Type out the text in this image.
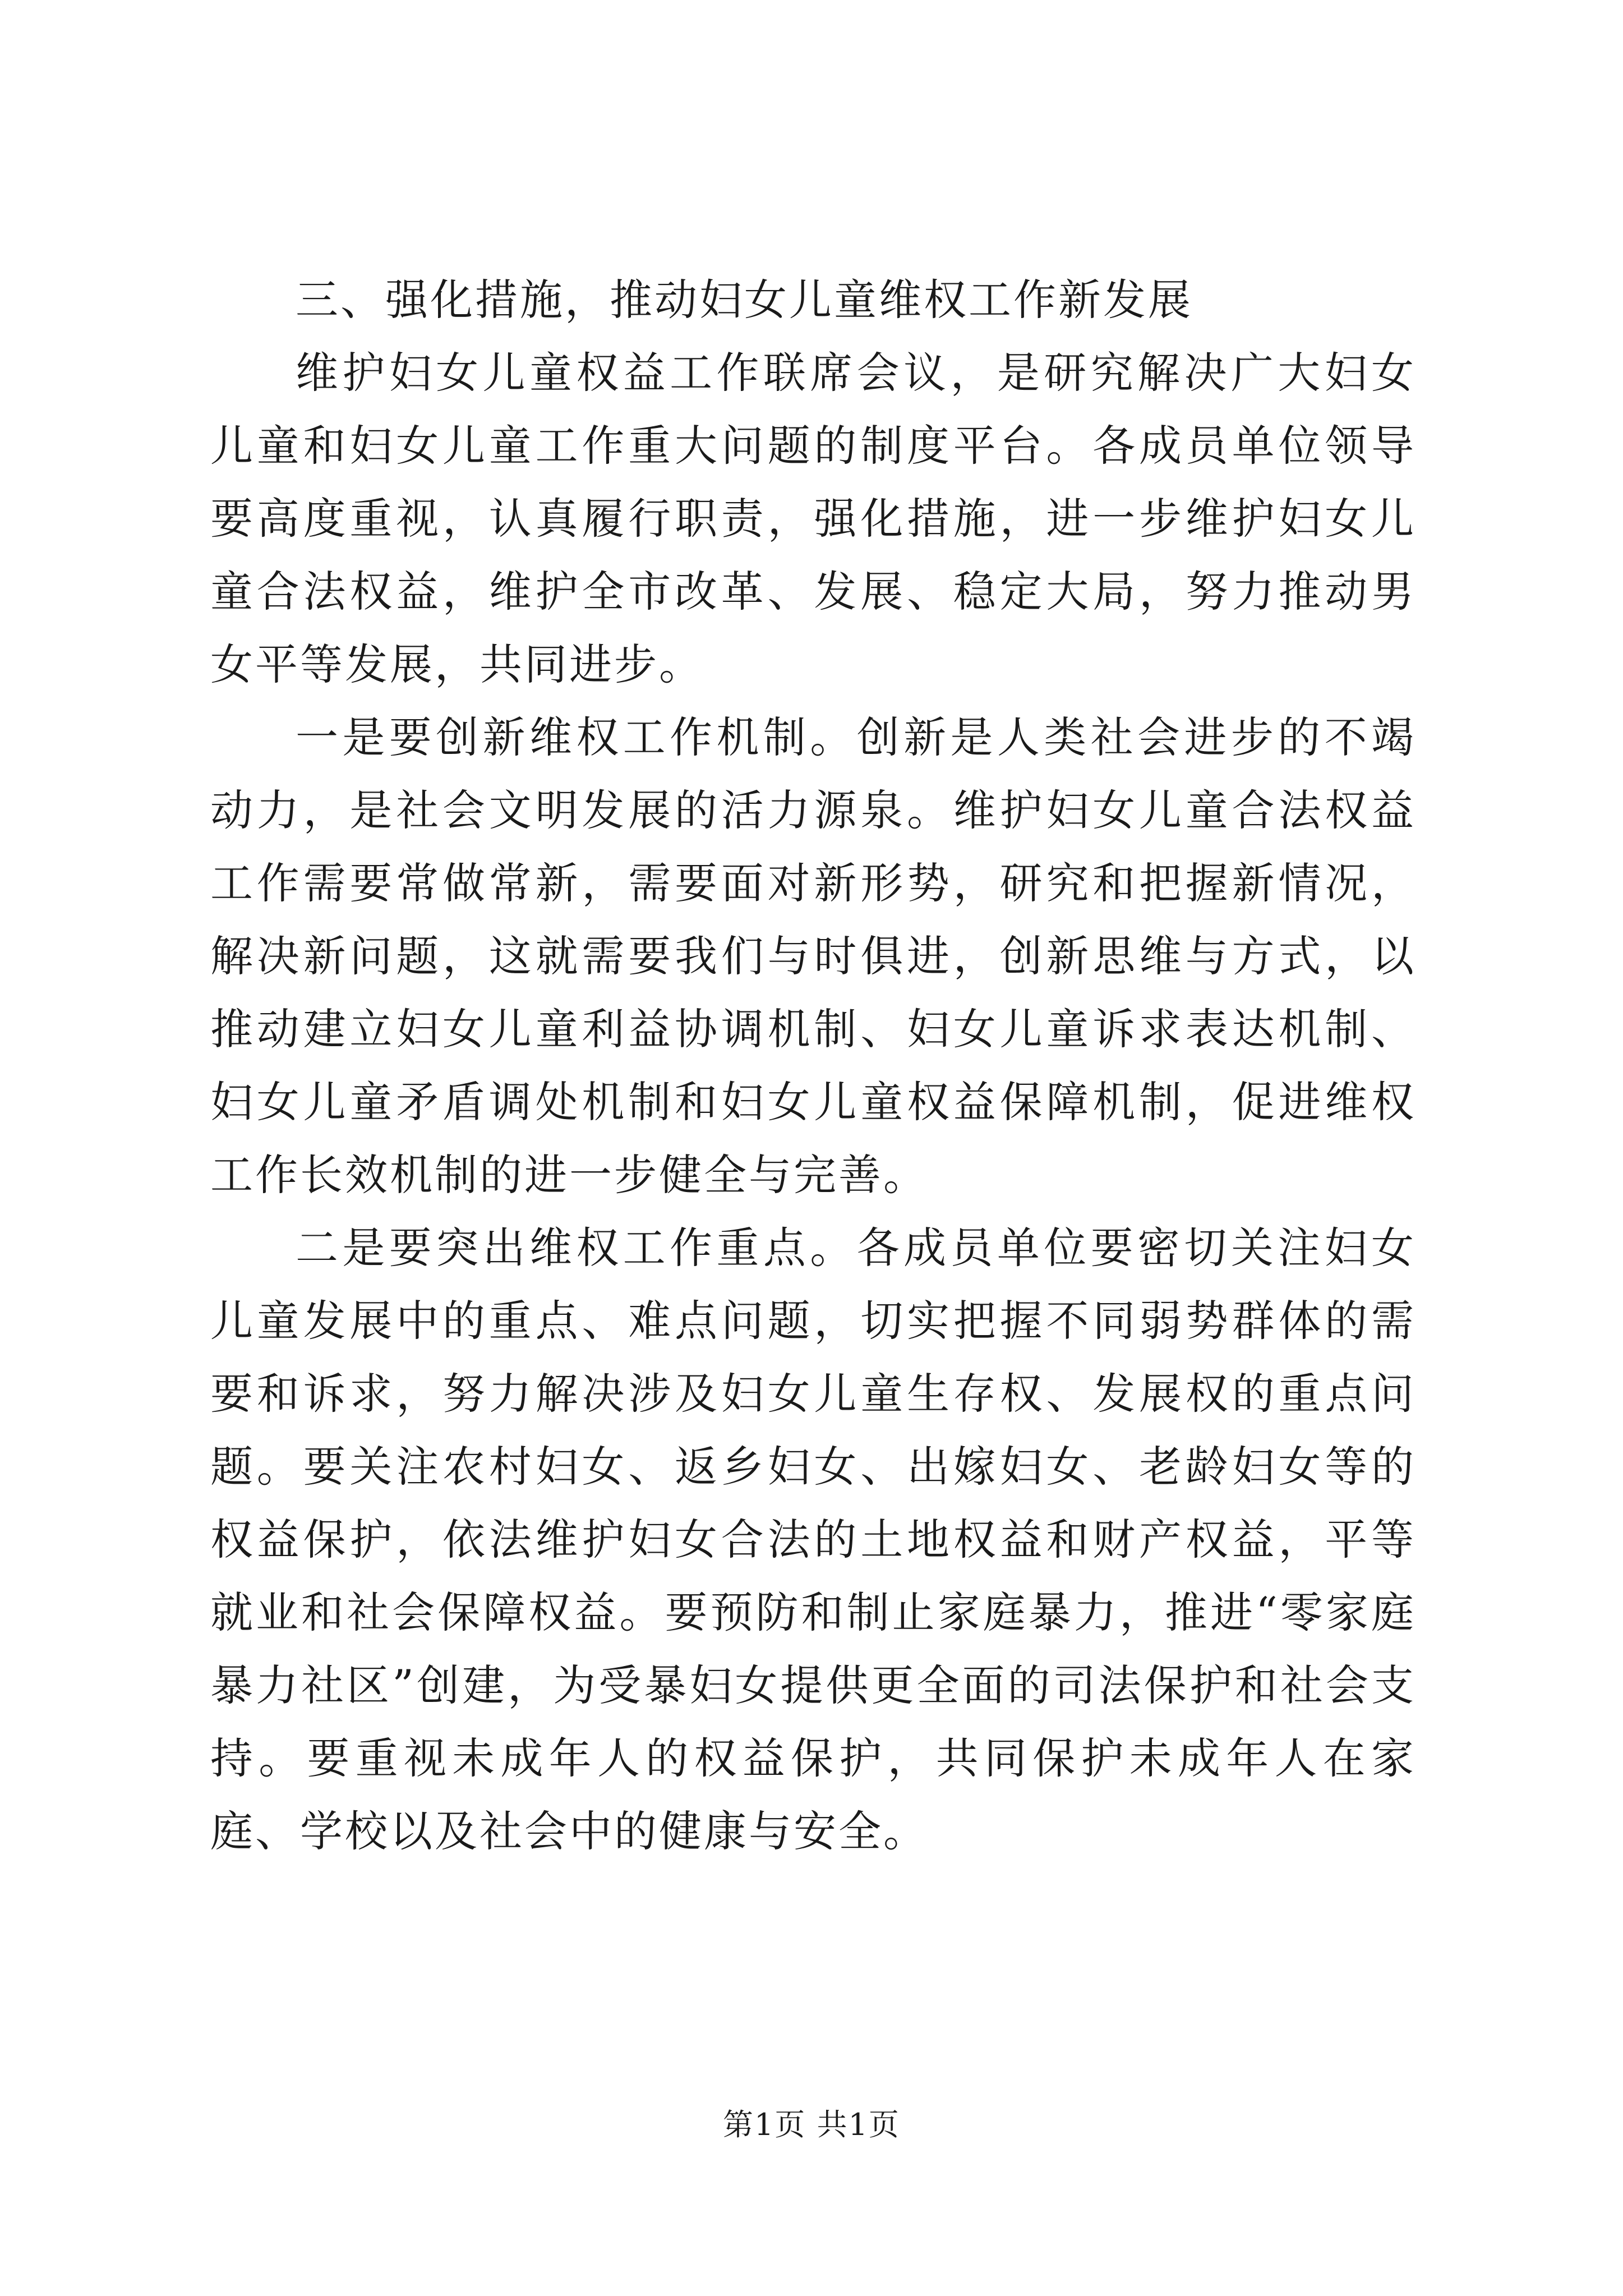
三、强化措施，推动妇女儿童维权工作新发展

维护妇女儿童权益工作联席会议，是研究解决广大妇女儿童和妇女儿童工作重大问题的制度平台。各成员单位领导要高度重视，认真履行职责，强化措施，进一步维护妇女儿童合法权益，维护全市改革、发展、稳定大局，努力推动男女平等发展，共同进步。

一是要创新维权工作机制。创新是人类社会进步的不竭动力，是社会文明发展的活力源泉。维护妇女儿童合法权益工作需要常做常新，需要面对新形势，研究和把握新情况，解决新问题，这就需要我们与时俱进，创新思维与方式，以推动建立妇女儿童利益协调机制、妇女儿童诉求表达机制、妇女儿童矛盾调处机制和妇女儿童权益保障机制，促进维权工作长效机制的进一步健全与完善。

二是要突出维权工作重点。各成员单位要密切关注妇女儿童发展中的重点、难点问题，切实把握不同弱势群体的需要和诉求，努力解决涉及妇女儿童生存权、发展权的重点问题。要关注农村妇女、返乡妇女、出嫁妇女、老龄妇女等的权益保护，依法维护妇女合法的土地权益和财产权益，平等就业和社会保障权益。要预防和制止家庭暴力，推进“零家庭暴力社区”创建，为受暴妇女提供更全面的司法保护和社会支持。要重视未成年人的权益保护，共同保护未成年人在家庭、学校以及社会中的健康与安全。

第1页 共1页
